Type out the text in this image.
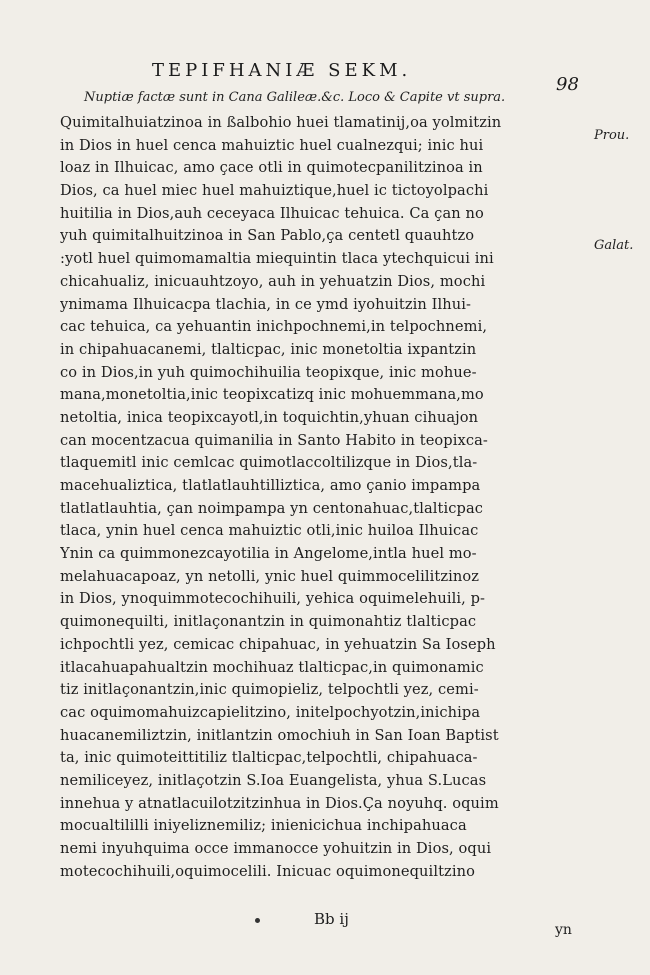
TEPIFHANIÆ SEKM.
98
Nuptiæ factæ sunt in Cana Galileæ.&c. Loco & Capite vt supra.
Prou.
Galat.
Quimitalhuiatzinoa in ßalbohio huei tlamatinij,oa yolmitzin
in Dios in huel cenca mahuiztic huel cualnezqui; inic hui
loaz in Ilhuicac, amo çace otli in quimotecpanilitzinoa in
Dios, ca huel miec huel mahuiztique,huel ic tictoyolpachi
huitilia in Dios,auh ceceyaca Ilhuicac tehuica. Ca çan no
yuh quimitalhuitzinoa in San Pablo,ça centetl quauhtzo
:yotl huel quimomamaltia miequintin tlaca ytechquicui ini
chicahualiz, inicuauhtzoyo, auh in yehuatzin Dios, mochi
ynimama Ilhuicacpa tlachia, in ce ymd iyohuitzin Ilhui-
cac tehuica, ca yehuantin inichpochnemi,in telpochnemi,
in chipahuacanemi, tlalticpac, inic monetoltia ixpantzin
co in Dios,in yuh quimochihuilia teopixque, inic mohue-
mana,monetoltia,inic teopixcatizq inic mohuemmana,mo
netoltia, inica teopixcayotl,in toquichtin,yhuan cihuajon
can mocentzacua quimanilia in Santo Habito in teopixca-
tlaquemitl inic cemlcac quimotlaccoltilizque in Dios,tla-
macehualiztica, tlatlatlauhtilliztica, amo çanio impampa
tlatlatlauhtia, çan noimpampa yn centonahuac,tlalticpac
tlaca, ynin huel cenca mahuiztic otli,inic huiloa Ilhuicac
Ynin ca quimmonezcayotilia in Angelome,intla huel mo-
melahuacapoaz, yn netolli, ynic huel quimmocelilitzinoz
in Dios, ynoquimmotecochihuili, yehica oquimelehuili, p-
quimonequilti, initlaçonantzin in quimonahtiz tlalticpac
ichpochtli yez, cemicac chipahuac, in yehuatzin Sa Ioseph
itlacahuapahualtzin mochihuaz tlalticpac,in quimonamic
tiz initlaçonantzin,inic quimopieliz, telpochtli yez, cemi-
cac oquimomahuizcapielitzino, initelpochyotzin,inichipa
huacanemiliztzin, initlantzin omochiuh in San Ioan Baptist
ta, inic quimoteittitiliz tlalticpac,telpochtli, chipahuaca-
nemiliceyez, initlaçotzin S.Ioa Euangelista, yhua S.Lucas
innehua y atnatlacuilotzitzinhua in Dios.Ça noyuhq. oquim
mocualtililli iniyeliznemiliz; inienicichua inchipahuaca
nemi inyuhquima occe immanocce yohuitzin in Dios, oqui
motecochihuili,oquimocelili. Inicuac oquimonequiltzino
Bb ij
yn
